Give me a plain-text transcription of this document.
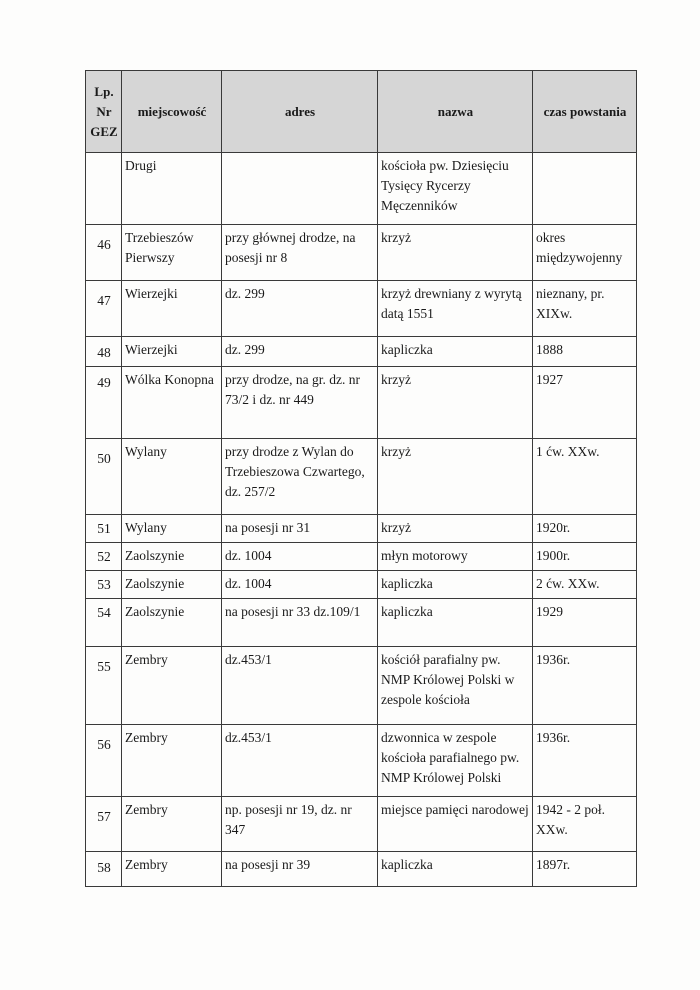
Lp.
Nr
GEZ	miejscowość	adres	nazwa	czas powstania
	Drugi		kościoła pw. Dziesięciu Tysięcy Rycerzy Męczenników	
46	Trzebieszów Pierwszy	przy głównej drodze, na posesji nr 8	krzyż	okres międzywojenny
47	Wierzejki	dz. 299	krzyż drewniany z wyrytą datą 1551	nieznany, pr. XIXw.
48	Wierzejki	dz. 299	kapliczka	1888
49	Wólka Konopna	przy drodze, na gr. dz. nr 73/2 i dz. nr 449	krzyż	1927
50	Wylany	przy drodze z Wylan do Trzebieszowa Czwartego, dz. 257/2	krzyż	1 ćw. XXw.
51	Wylany	na posesji nr 31	krzyż	1920r.
52	Zaolszynie	dz. 1004	młyn motorowy	1900r.
53	Zaolszynie	dz. 1004	kapliczka	2 ćw. XXw.
54	Zaolszynie	na posesji nr 33 dz.109/1	kapliczka	1929
55	Zembry	dz.453/1	kościół parafialny pw. NMP Królowej Polski w zespole kościoła	1936r.
56	Zembry	dz.453/1	dzwonnica w zespole kościoła parafialnego pw. NMP Królowej Polski	1936r.
57	Zembry	np. posesji nr 19, dz. nr 347	miejsce pamięci narodowej	1942 - 2 poł. XXw.
58	Zembry	na posesji nr 39	kapliczka	1897r.
